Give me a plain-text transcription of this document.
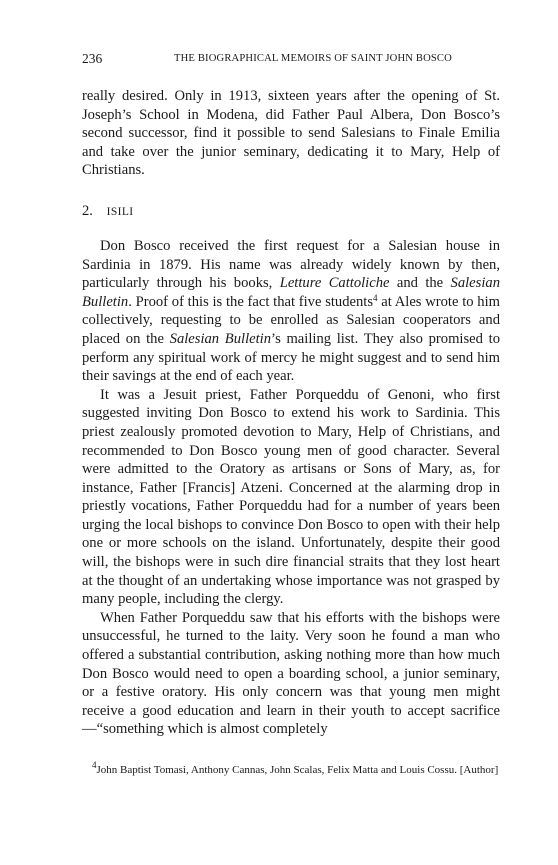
236	THE BIOGRAPHICAL MEMOIRS OF SAINT JOHN BOSCO

really desired. Only in 1913, sixteen years after the opening of St. Joseph’s School in Modena, did Father Paul Albera, Don Bosco’s second successor, find it possible to send Salesians to Finale Emilia and take over the junior seminary, dedicating it to Mary, Help of Christians.

2. ISILI

Don Bosco received the first request for a Salesian house in Sardinia in 1879. His name was already widely known by then, particularly through his books, Letture Cattoliche and the Salesian Bulletin. Proof of this is the fact that five students$^4$ at Ales wrote to him collectively, requesting to be enrolled as Salesian cooperators and placed on the Salesian Bulletin’s mailing list. They also promised to perform any spiritual work of mercy he might suggest and to send him their savings at the end of each year.

It was a Jesuit priest, Father Porqueddu of Genoni, who first suggested inviting Don Bosco to extend his work to Sardinia. This priest zealously promoted devotion to Mary, Help of Christians, and recommended to Don Bosco young men of good character. Several were admitted to the Oratory as artisans or Sons of Mary, as, for instance, Father [Francis] Atzeni. Concerned at the alarming drop in priestly vocations, Father Porqueddu had for a number of years been urging the local bishops to convince Don Bosco to open with their help one or more schools on the island. Unfortunately, despite their good will, the bishops were in such dire financial straits that they lost heart at the thought of an undertaking whose importance was not grasped by many people, including the clergy.

When Father Porqueddu saw that his efforts with the bishops were unsuccessful, he turned to the laity. Very soon he found a man who offered a substantial contribution, asking nothing more than how much Don Bosco would need to open a boarding school, a junior seminary, or a festive oratory. His only concern was that young men might receive a good education and learn in their youth to accept sacrifice—“something which is almost completely

$^4$John Baptist Tomasi, Anthony Cannas, John Scalas, Felix Matta and Louis Cossu. [Author]
